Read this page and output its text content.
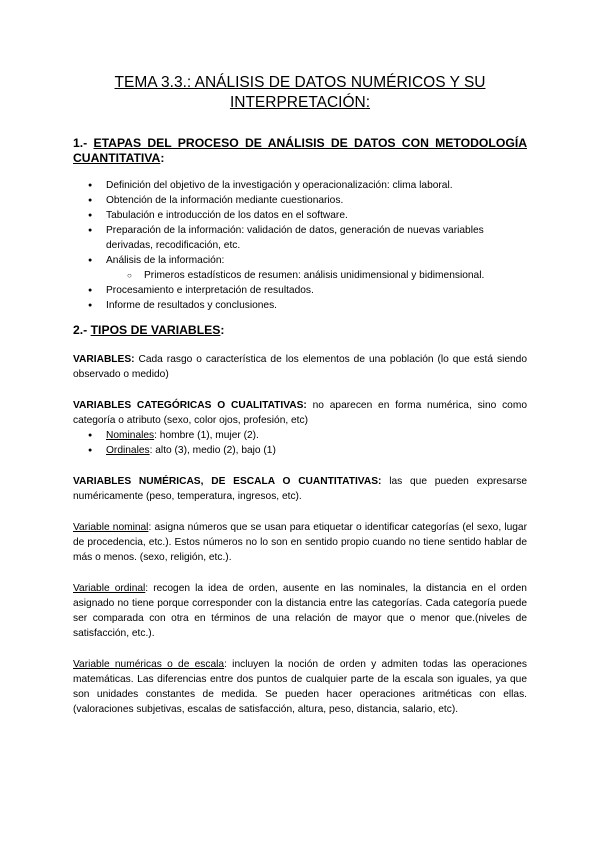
TEMA 3.3.: ANÁLISIS DE DATOS NUMÉRICOS Y SU
INTERPRETACIÓN:
1.- ETAPAS DEL PROCESO DE ANÁLISIS DE DATOS CON METODOLOGÍA CUANTITATIVA:
● Definición del objetivo de la investigación y operacionalización: clima laboral.
● Obtención de la información mediante cuestionarios.
● Tabulación e introducción de los datos en el software.
● Preparación de la información: validación de datos, generación de nuevas variables derivadas, recodificación, etc.
● Análisis de la información:
○ Primeros estadísticos de resumen: análisis unidimensional y bidimensional.
● Procesamiento e interpretación de resultados.
● Informe de resultados y conclusiones.
2.- TIPOS DE VARIABLES:

VARIABLES: Cada rasgo o característica de los elementos de una población (lo que está siendo observado o medido)

VARIABLES CATEGÓRICAS O CUALITATIVAS: no aparecen en forma numérica, sino como categoría o atributo (sexo, color ojos, profesión, etc)

● Nominales: hombre (1), mujer (2).
● Ordinales: alto (3), medio (2), bajo (1)

VARIABLES NUMÉRICAS, DE ESCALA O CUANTITATIVAS: las que pueden expresarse numéricamente (peso, temperatura, ingresos, etc).

Variable nominal: asigna números que se usan para etiquetar o identificar categorías (el sexo, lugar de procedencia, etc.). Estos números no lo son en sentido propio cuando no tiene sentido hablar de más o menos. (sexo, religión, etc.).

Variable ordinal: recogen la idea de orden, ausente en las nominales, la distancia en el orden asignado no tiene porque corresponder con la distancia entre las categorías. Cada categoría puede ser comparada con otra en términos de una relación de mayor que o menor que.(niveles de satisfacción, etc.).

Variable numéricas o de escala: incluyen la noción de orden y admiten todas las operaciones matemáticas. Las diferencias entre dos puntos de cualquier parte de la escala son iguales, ya que son unidades constantes de medida. Se pueden hacer operaciones aritméticas con ellas. (valoraciones subjetivas, escalas de satisfacción, altura, peso, distancia, salario, etc).
